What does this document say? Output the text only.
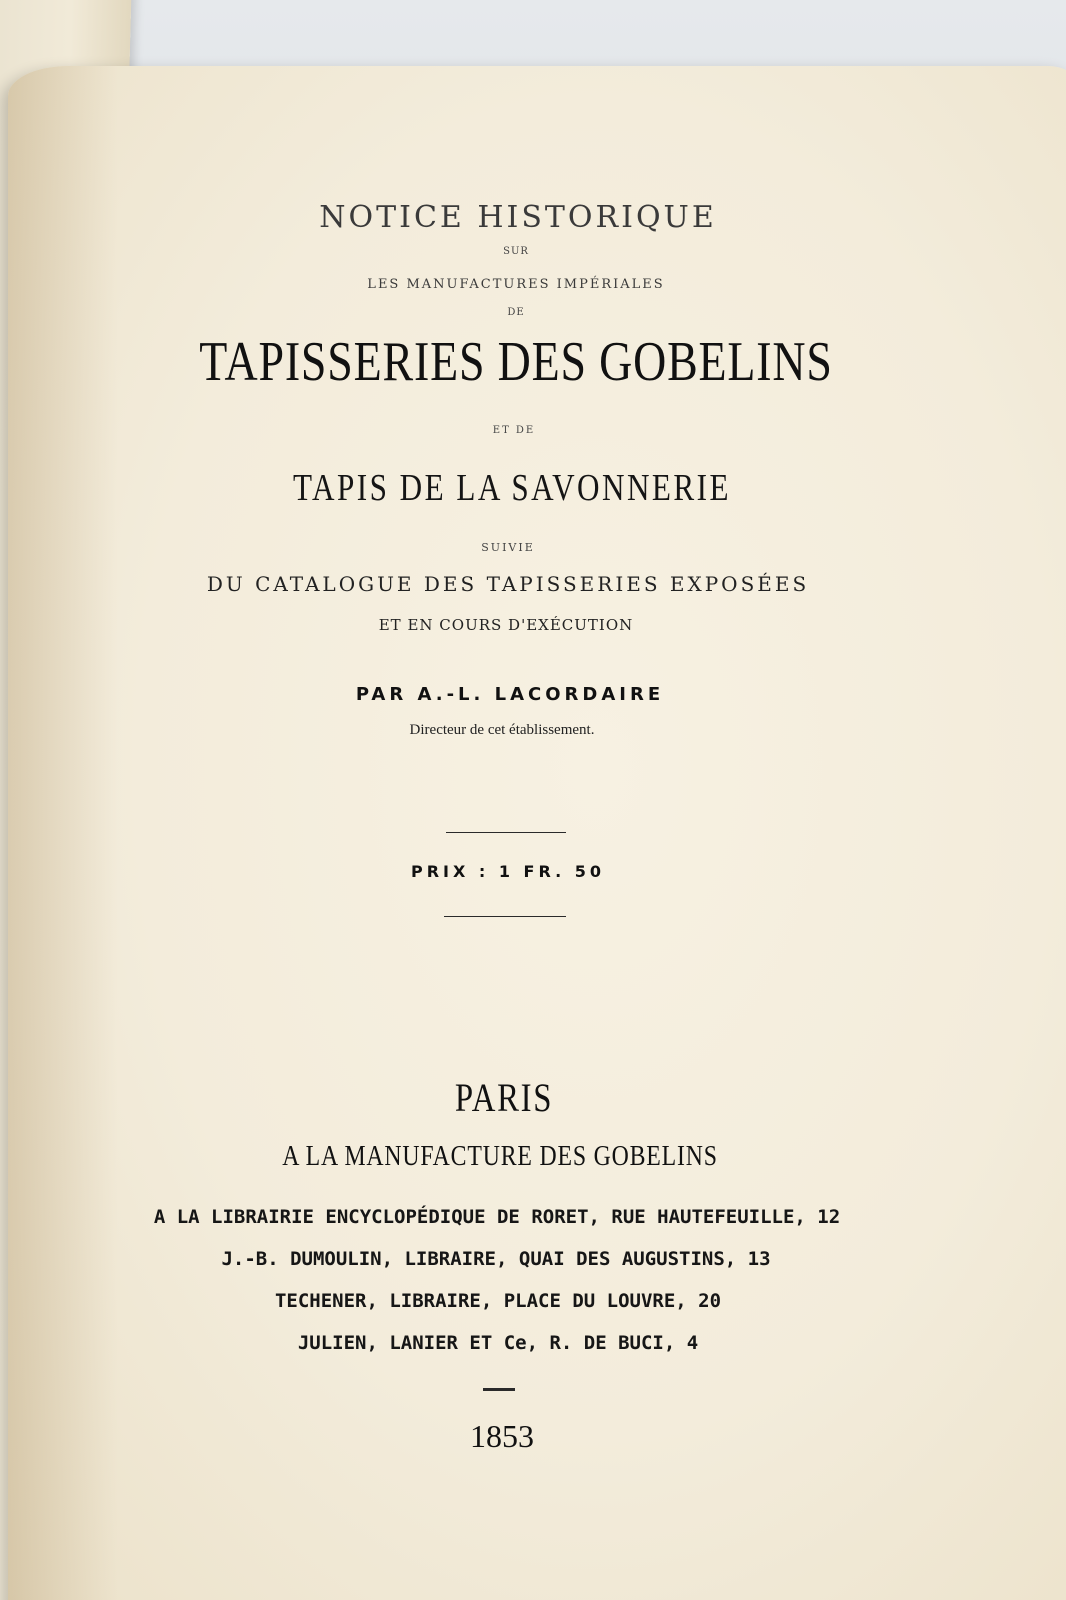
NOTICE HISTORIQUE
SUR
LES MANUFACTURES IMPÉRIALES
DE
TAPISSERIES DES GOBELINS
ET DE
TAPIS DE LA SAVONNERIE
SUIVIE
DU CATALOGUE DES TAPISSERIES EXPOSÉES
ET EN COURS D'EXÉCUTION
PAR A.-L. LACORDAIRE
Directeur de cet établissement.
PRIX : 1 FR. 50
PARIS
A LA MANUFACTURE DES GOBELINS
A LA LIBRAIRIE ENCYCLOPÉDIQUE DE RORET, RUE HAUTEFEUILLE, 12
J.-B. DUMOULIN, LIBRAIRE, QUAI DES AUGUSTINS, 13
TECHENER, LIBRAIRE, PLACE DU LOUVRE, 20
JULIEN, LANIER ET Ce, R. DE BUCI, 4
1853
